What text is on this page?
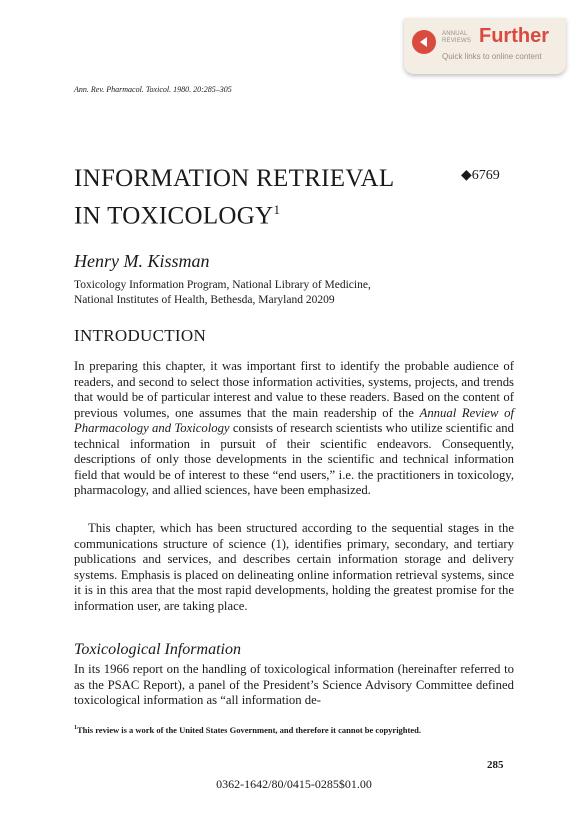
ANNUAL
REVIEWS Further
Quick links to online content
Ann. Rev. Pharmacol. Toxicol. 1980. 20:285–305
INFORMATION RETRIEVAL
IN TOXICOLOGY$^1$
◆6769
Henry M. Kissman
Toxicology Information Program, National Library of Medicine,
National Institutes of Health, Bethesda, Maryland 20209
INTRODUCTION

In preparing this chapter, it was important first to identify the probable audience of readers, and second to select those information activities, systems, projects, and trends that would be of particular interest and value to these readers. Based on the content of previous volumes, one assumes that the main readership of the Annual Review of Pharmacology and Toxicology consists of research scientists who utilize scientific and technical information in pursuit of their scientific endeavors. Consequently, descriptions of only those developments in the scientific and technical information field that would be of interest to these “end users,” i.e. the practitioners in toxicology, pharmacology, and allied sciences, have been emphasized.

This chapter, which has been structured according to the sequential stages in the communications structure of science (1), identifies primary, secondary, and tertiary publications and services, and describes certain information storage and delivery systems. Emphasis is placed on delineating online information retrieval systems, since it is in this area that the most rapid developments, holding the greatest promise for the information user, are taking place.

Toxicological Information

In its 1966 report on the handling of toxicological information (hereinafter referred to as the PSAC Report), a panel of the President’s Science Advisory Committee defined toxicological information as “all information de-

$^1$This review is a work of the United States Government, and therefore it cannot be copyrighted.
285
0362-1642/80/0415-0285$01.00
